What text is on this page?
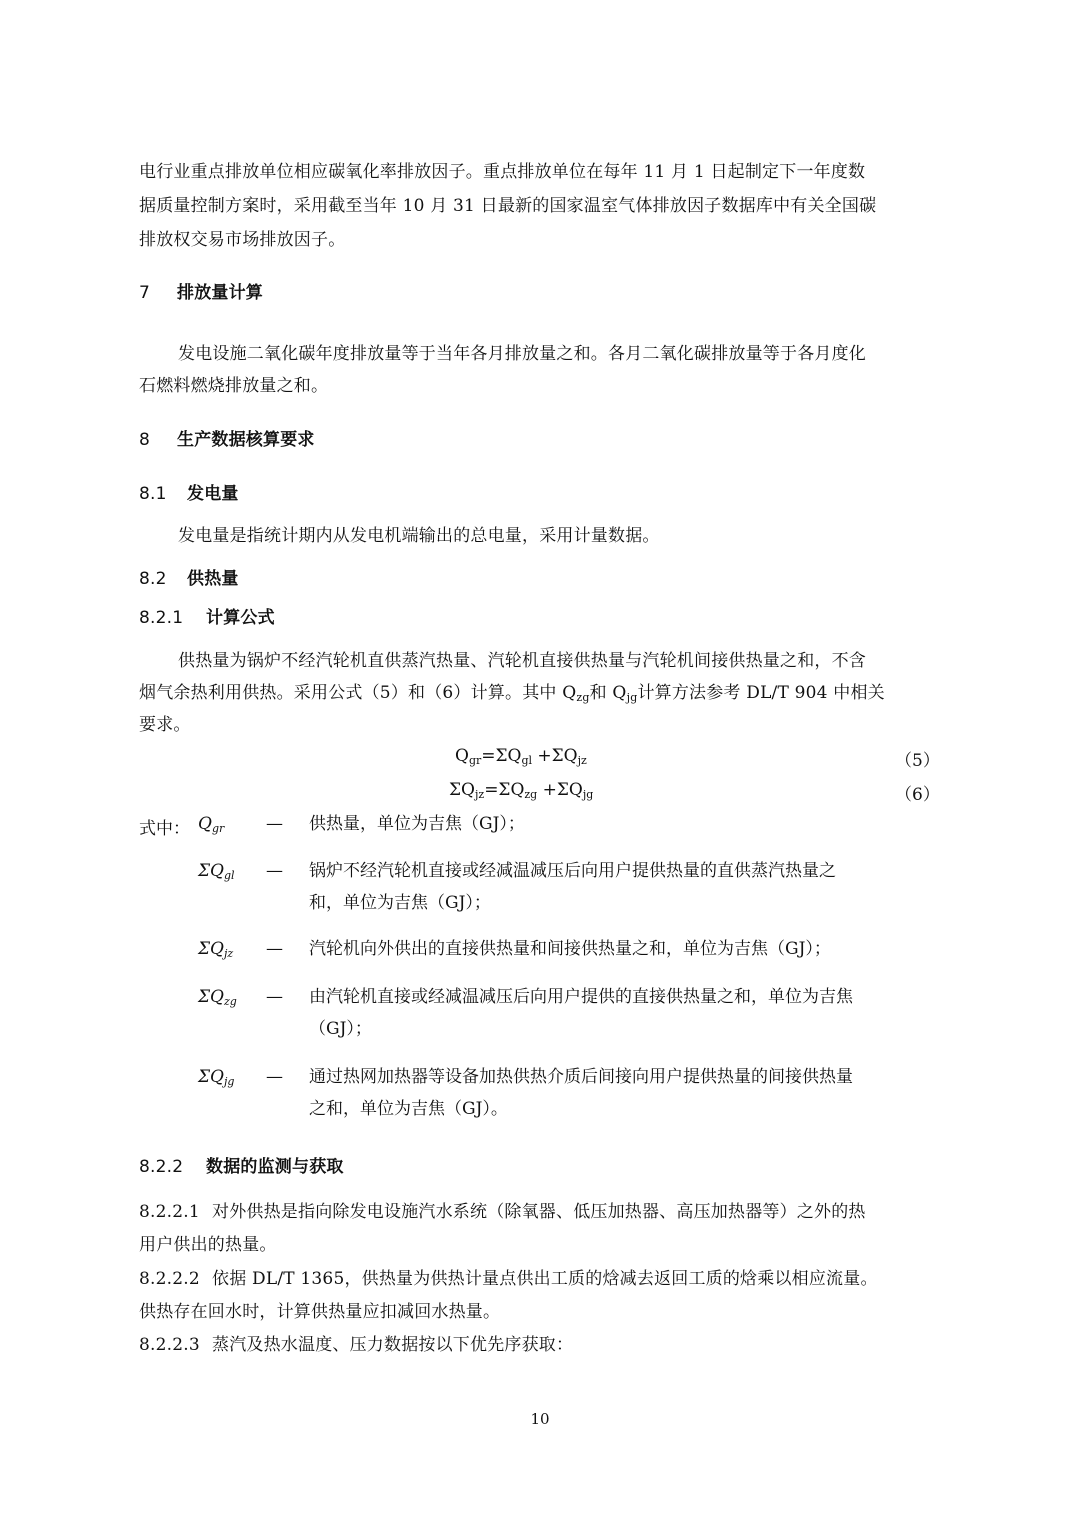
电行业重点排放单位相应碳氧化率排放因子。重点排放单位在每年 11 月 1 日起制定下一年度数
据质量控制方案时，采用截至当年 10 月 31 日最新的国家温室气体排放因子数据库中有关全国碳
排放权交易市场排放因子。
7 排放量计算
发电设施二氧化碳年度排放量等于当年各月排放量之和。各月二氧化碳排放量等于各月度化
石燃料燃烧排放量之和。
8 生产数据核算要求
8.1 发电量
发电量是指统计期内从发电机端输出的总电量，采用计量数据。
8.2 供热量
8.2.1 计算公式
供热量为锅炉不经汽轮机直供蒸汽热量、汽轮机直接供热量与汽轮机间接供热量之和，不含
烟气余热利用供热。采用公式（5）和（6）计算。其中 $Q_{zg}$和 $Q_{jg}$计算方法参考 DL/T 904 中相关
要求。
$Q_{gr}=\Sigma Q_{gl} +\Sigma Q_{jz}$	（5）
$\Sigma Q_{jz}=\Sigma Q_{zg} +\Sigma Q_{jg}$	（6）
式中： $Q_{gr}$ — 供热量，单位为吉焦（GJ）；
$\Sigma Q_{gl}$ — 锅炉不经汽轮机直接或经减温减压后向用户提供热量的直供蒸汽热量之
和，单位为吉焦（GJ）；
$\Sigma Q_{jz}$ — 汽轮机向外供出的直接供热量和间接供热量之和，单位为吉焦（GJ）；
$\Sigma Q_{zg}$ — 由汽轮机直接或经减温减压后向用户提供的直接供热量之和，单位为吉焦
（GJ）；
$\Sigma Q_{jg}$ — 通过热网加热器等设备加热供热介质后间接向用户提供热量的间接供热量
之和，单位为吉焦（GJ）。
8.2.2 数据的监测与获取
8.2.2.1 对外供热是指向除发电设施汽水系统（除氧器、低压加热器、高压加热器等）之外的热
用户供出的热量。
8.2.2.2 依据 DL/T 1365，供热量为供热计量点供出工质的焓减去返回工质的焓乘以相应流量。
供热存在回水时，计算供热量应扣减回水热量。
8.2.2.3 蒸汽及热水温度、压力数据按以下优先序获取：
10
